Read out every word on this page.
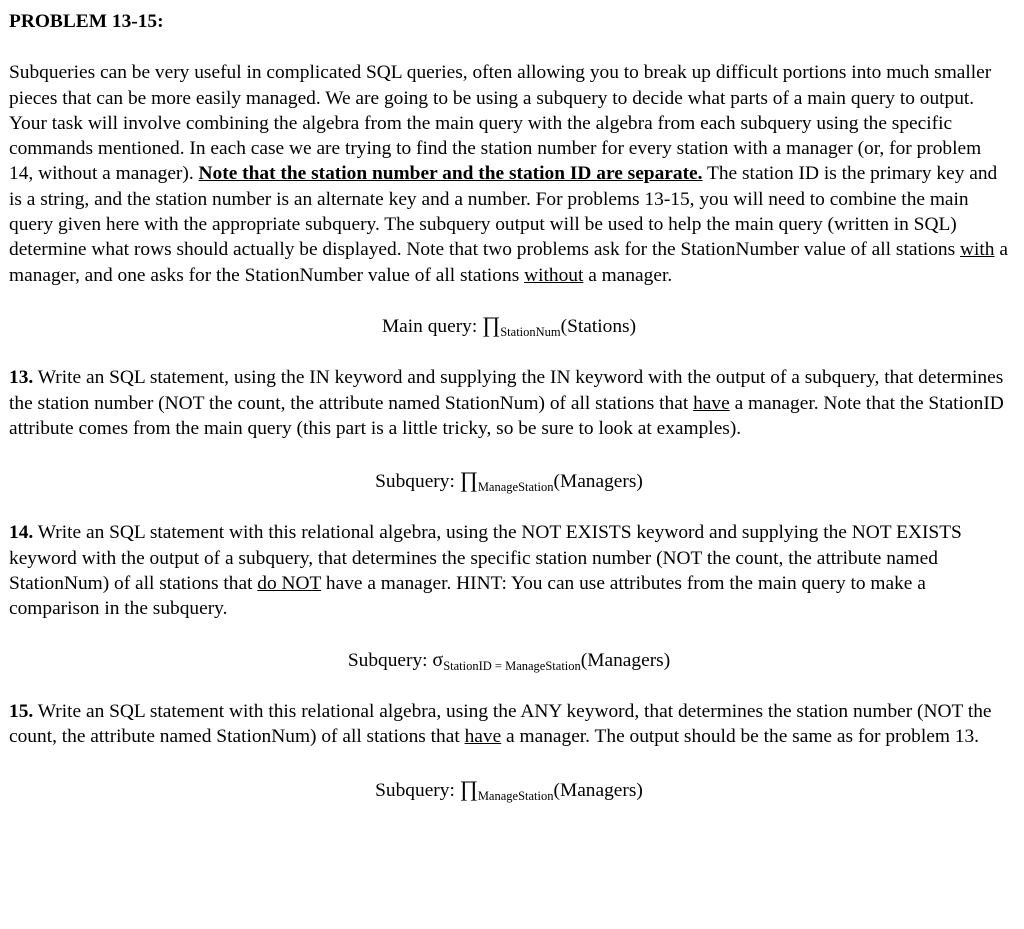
PROBLEM 13-15:

Subqueries can be very useful in complicated SQL queries, often allowing you to break up difficult portions into much smaller pieces that can be more easily managed. We are going to be using a subquery to decide what parts of a main query to output. Your task will involve combining the algebra from the main query with the algebra from each subquery using the specific commands mentioned. In each case we are trying to find the station number for every station with a manager (or, for problem 14, without a manager). Note that the station number and the station ID are separate. The station ID is the primary key and is a string, and the station number is an alternate key and a number. For problems 13-15, you will need to combine the main query given here with the appropriate subquery. The subquery output will be used to help the main query (written in SQL) determine what rows should actually be displayed. Note that two problems ask for the StationNumber value of all stations with a manager, and one asks for the StationNumber value of all stations without a manager.

Main query: $\prod_{StationNum}(Stations)$

13. Write an SQL statement, using the IN keyword and supplying the IN keyword with the output of a subquery, that determines the station number (NOT the count, the attribute named StationNum) of all stations that have a manager. Note that the StationID attribute comes from the main query (this part is a little tricky, so be sure to look at examples).

Subquery: $\prod_{ManageStation}(Managers)$

14. Write an SQL statement with this relational algebra, using the NOT EXISTS keyword and supplying the NOT EXISTS keyword with the output of a subquery, that determines the specific station number (NOT the count, the attribute named StationNum) of all stations that do NOT have a manager. HINT: You can use attributes from the main query to make a comparison in the subquery.

Subquery: $\sigma_{StationID = ManageStation}(Managers)$

15. Write an SQL statement with this relational algebra, using the ANY keyword, that determines the station number (NOT the count, the attribute named StationNum) of all stations that have a manager. The output should be the same as for problem 13.

Subquery: $\prod_{ManageStation}(Managers)$
